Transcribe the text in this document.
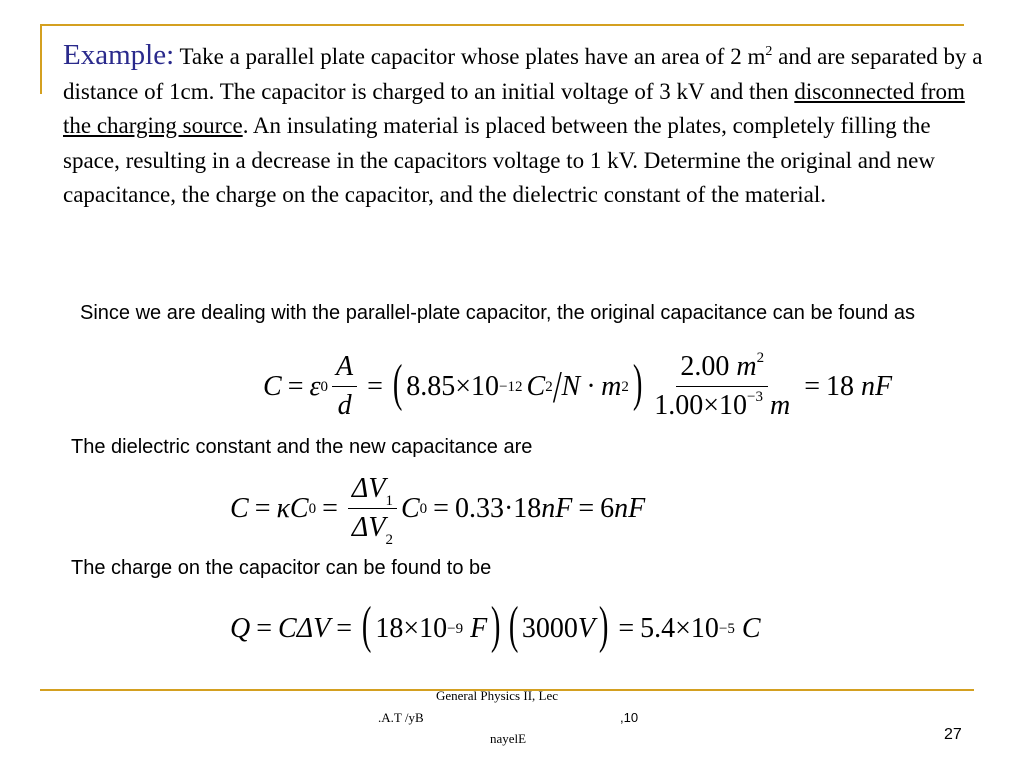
Example: Take a parallel plate capacitor whose plates have an area of 2 $m^2$ and are separated by a distance of 1cm. The capacitor is charged to an initial voltage of 3 kV and then disconnected from the charging source. An insulating material is placed between the plates, completely filling the space, resulting in a decrease in the capacitors voltage to 1 kV. Determine the original and new capacitance, the charge on the capacitor, and the dielectric constant of the material.
Since we are dealing with the parallel-plate capacitor, the original capacitance can be found as
C = ε $0 \frac{A}{d}$ = ( 8.85×10 −12 C 2 / N · m 2 ) $\frac{2.00 m^2}{1.00\times 10^{-3} m} = 18$
nF
The dielectric constant and the new capacitance are
C = κC $0 = \frac{\Delta V_1}{\Delta V_2}$ C 0 = 0.33·18 nF = 6 nF
The charge on the capacitor can be found to be
Q = CΔV = ( 18×10 −9
F ) ( 3000 V ) = 5.4×10 −5
C
General Physics II, Lec
.A.T /yB	,10
nayelE	27
